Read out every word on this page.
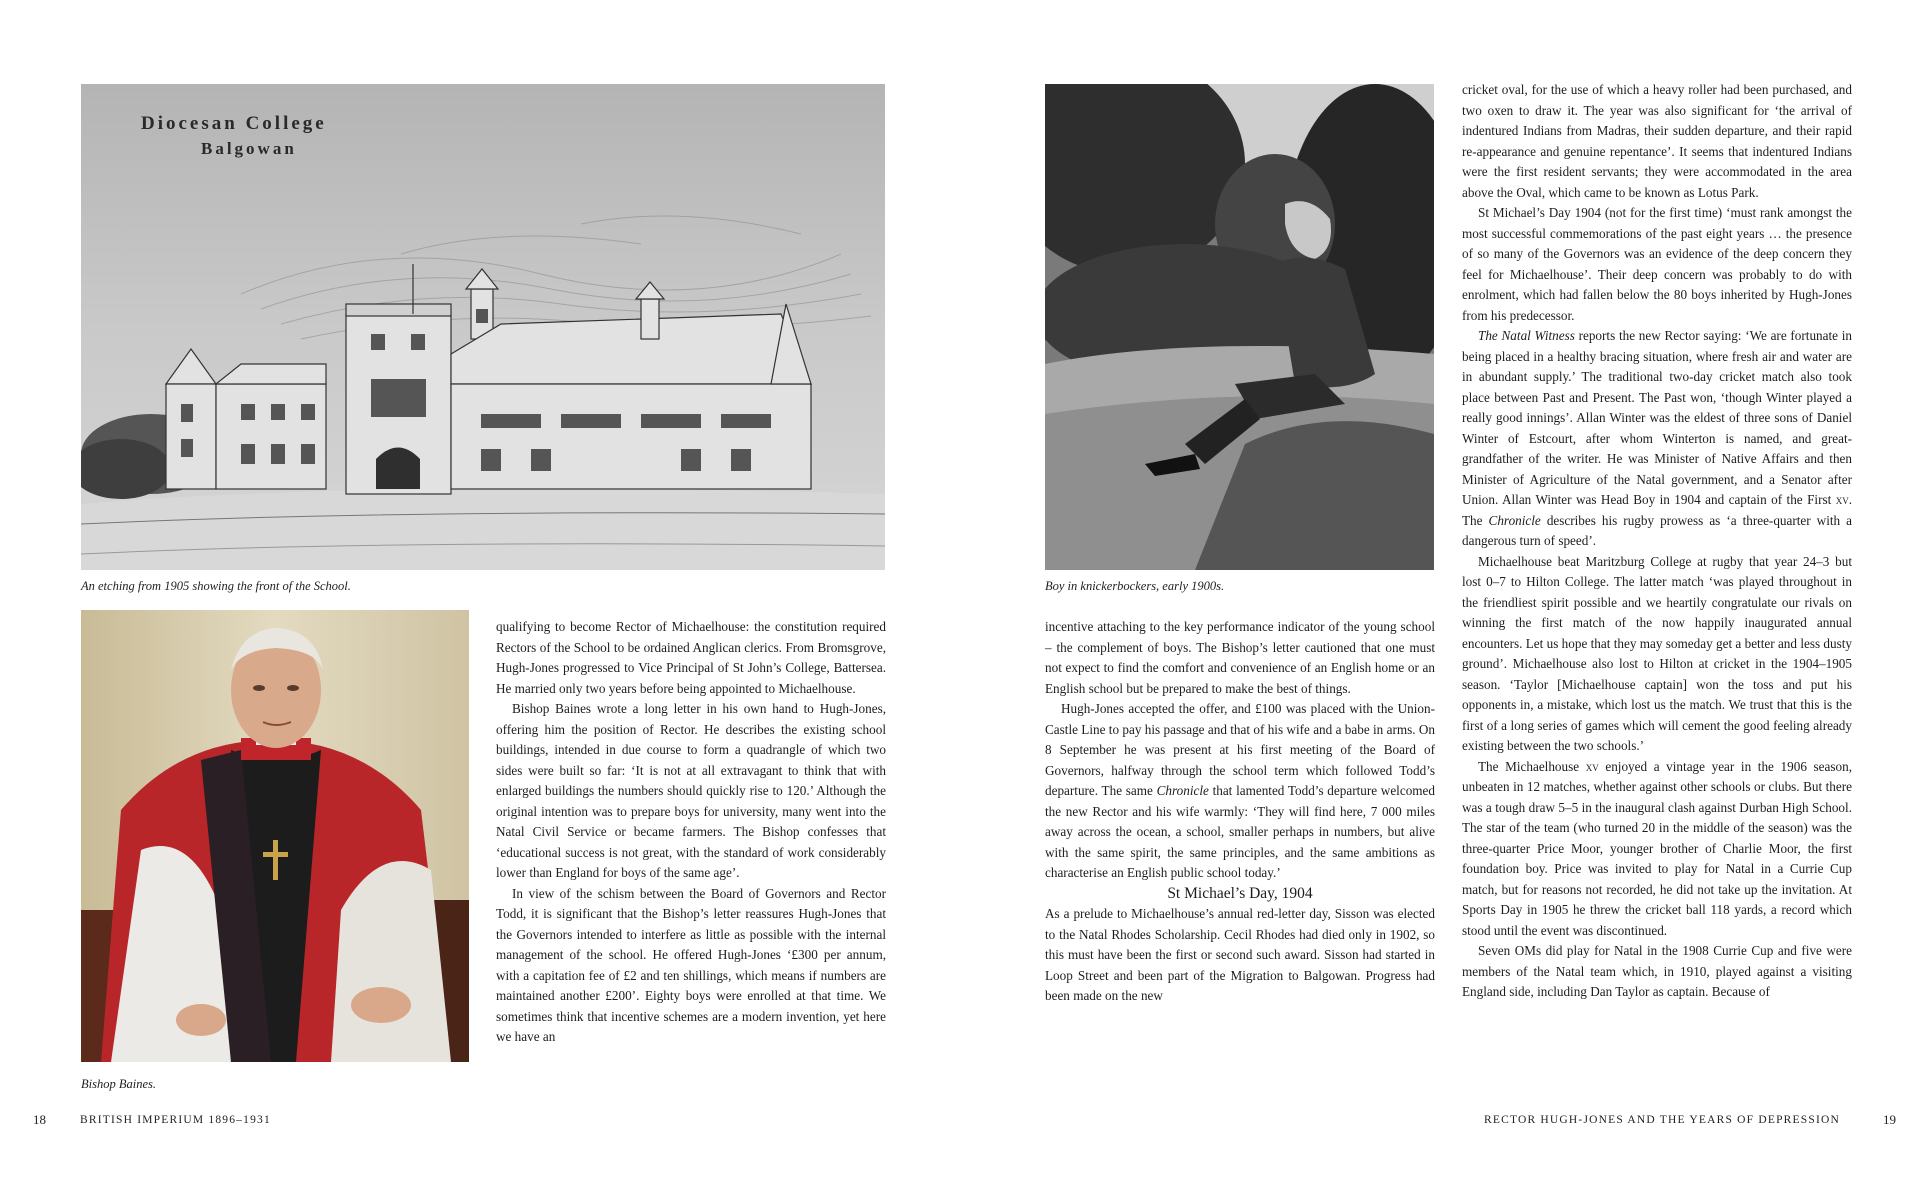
Diocesan College
Balgowan
An etching from 1905 showing the front of the School.
Bishop Baines.

qualifying to become Rector of Michaelhouse: the constitution required Rectors of the School to be ordained Anglican clerics. From Bromsgrove, Hugh-Jones progressed to Vice Principal of St John’s College, Battersea. He married only two years before being appointed to Michaelhouse.

Bishop Baines wrote a long letter in his own hand to Hugh-Jones, offering him the position of Rector. He describes the existing school buildings, intended in due course to form a quadrangle of which two sides were built so far: ‘It is not at all extravagant to think that with enlarged buildings the numbers should quickly rise to 120.’ Although the original intention was to prepare boys for university, many went into the Natal Civil Service or became farmers. The Bishop confesses that ‘educational success is not great, with the standard of work considerably lower than England for boys of the same age’.

In view of the schism between the Board of Governors and Rector Todd, it is significant that the Bishop’s letter reassures Hugh-Jones that the Governors intended to interfere as little as possible with the internal management of the school. He offered Hugh-Jones ‘£300 per annum, with a capitation fee of £2 and ten shillings, which means if numbers are maintained another £200’. Eighty boys were enrolled at that time. We sometimes think that incentive schemes are a modern invention, yet here we have an

18	BRITISH IMPERIUM 1896–1931
Boy in knickerbockers, early 1900s.

incentive attaching to the key performance indicator of the young school – the complement of boys. The Bishop’s letter cautioned that one must not expect to find the comfort and convenience of an English home or an English school but be prepared to make the best of things.

Hugh-Jones accepted the offer, and £100 was placed with the Union-Castle Line to pay his passage and that of his wife and a babe in arms. On 8 September he was present at his first meeting of the Board of Governors, halfway through the school term which followed Todd’s departure. The same Chronicle that lamented Todd’s departure welcomed the new Rector and his wife warmly: ‘They will find here, 7 000 miles away across the ocean, a school, smaller perhaps in numbers, but alive with the same spirit, the same principles, and the same ambitions as characterise an English public school today.’

St Michael’s Day, 1904

As a prelude to Michaelhouse’s annual red-letter day, Sisson was elected to the Natal Rhodes Scholarship. Cecil Rhodes had died only in 1902, so this must have been the first or second such award. Sisson had started in Loop Street and been part of the Migration to Balgowan. Progress had been made on the new

cricket oval, for the use of which a heavy roller had been purchased, and two oxen to draw it. The year was also significant for ‘the arrival of indentured Indians from Madras, their sudden departure, and their rapid re-appearance and genuine repentance’. It seems that indentured Indians were the first resident servants; they were accommodated in the area above the Oval, which came to be known as Lotus Park.

St Michael’s Day 1904 (not for the first time) ‘must rank amongst the most successful commemorations of the past eight years … the presence of so many of the Governors was an evidence of the deep concern they feel for Michaelhouse’. Their deep concern was probably to do with enrolment, which had fallen below the 80 boys inherited by Hugh-Jones from his predecessor.

The Natal Witness reports the new Rector saying: ‘We are fortunate in being placed in a healthy bracing situation, where fresh air and water are in abundant supply.’ The traditional two-day cricket match also took place between Past and Present. The Past won, ‘though Winter played a really good innings’. Allan Winter was the eldest of three sons of Daniel Winter of Estcourt, after whom Winterton is named, and great-grandfather of the writer. He was Minister of Native Affairs and then Minister of Agriculture of the Natal government, and a Senator after Union. Allan Winter was Head Boy in 1904 and captain of the First xv. The Chronicle describes his rugby prowess as ‘a three-quarter with a dangerous turn of speed’.

Michaelhouse beat Maritzburg College at rugby that year 24–3 but lost 0–7 to Hilton College. The latter match ‘was played throughout in the friendliest spirit possible and we heartily congratulate our rivals on winning the first match of the now happily inaugurated annual encounters. Let us hope that they may someday get a better and less dusty ground’. Michaelhouse also lost to Hilton at cricket in the 1904–1905 season. ‘Taylor [Michaelhouse captain] won the toss and put his opponents in, a mistake, which lost us the match. We trust that this is the first of a long series of games which will cement the good feeling already existing between the two schools.’

The Michaelhouse xv enjoyed a vintage year in the 1906 season, unbeaten in 12 matches, whether against other schools or clubs. But there was a tough draw 5–5 in the inaugural clash against Durban High School. The star of the team (who turned 20 in the middle of the season) was the three-quarter Price Moor, younger brother of Charlie Moor, the first foundation boy. Price was invited to play for Natal in a Currie Cup match, but for reasons not recorded, he did not take up the invitation. At Sports Day in 1905 he threw the cricket ball 118 yards, a record which stood until the event was discontinued.

Seven OMs did play for Natal in the 1908 Currie Cup and five were members of the Natal team which, in 1910, played against a visiting England side, including Dan Taylor as captain. Because of

RECTOR HUGH-JONES AND THE YEARS OF DEPRESSION	19
